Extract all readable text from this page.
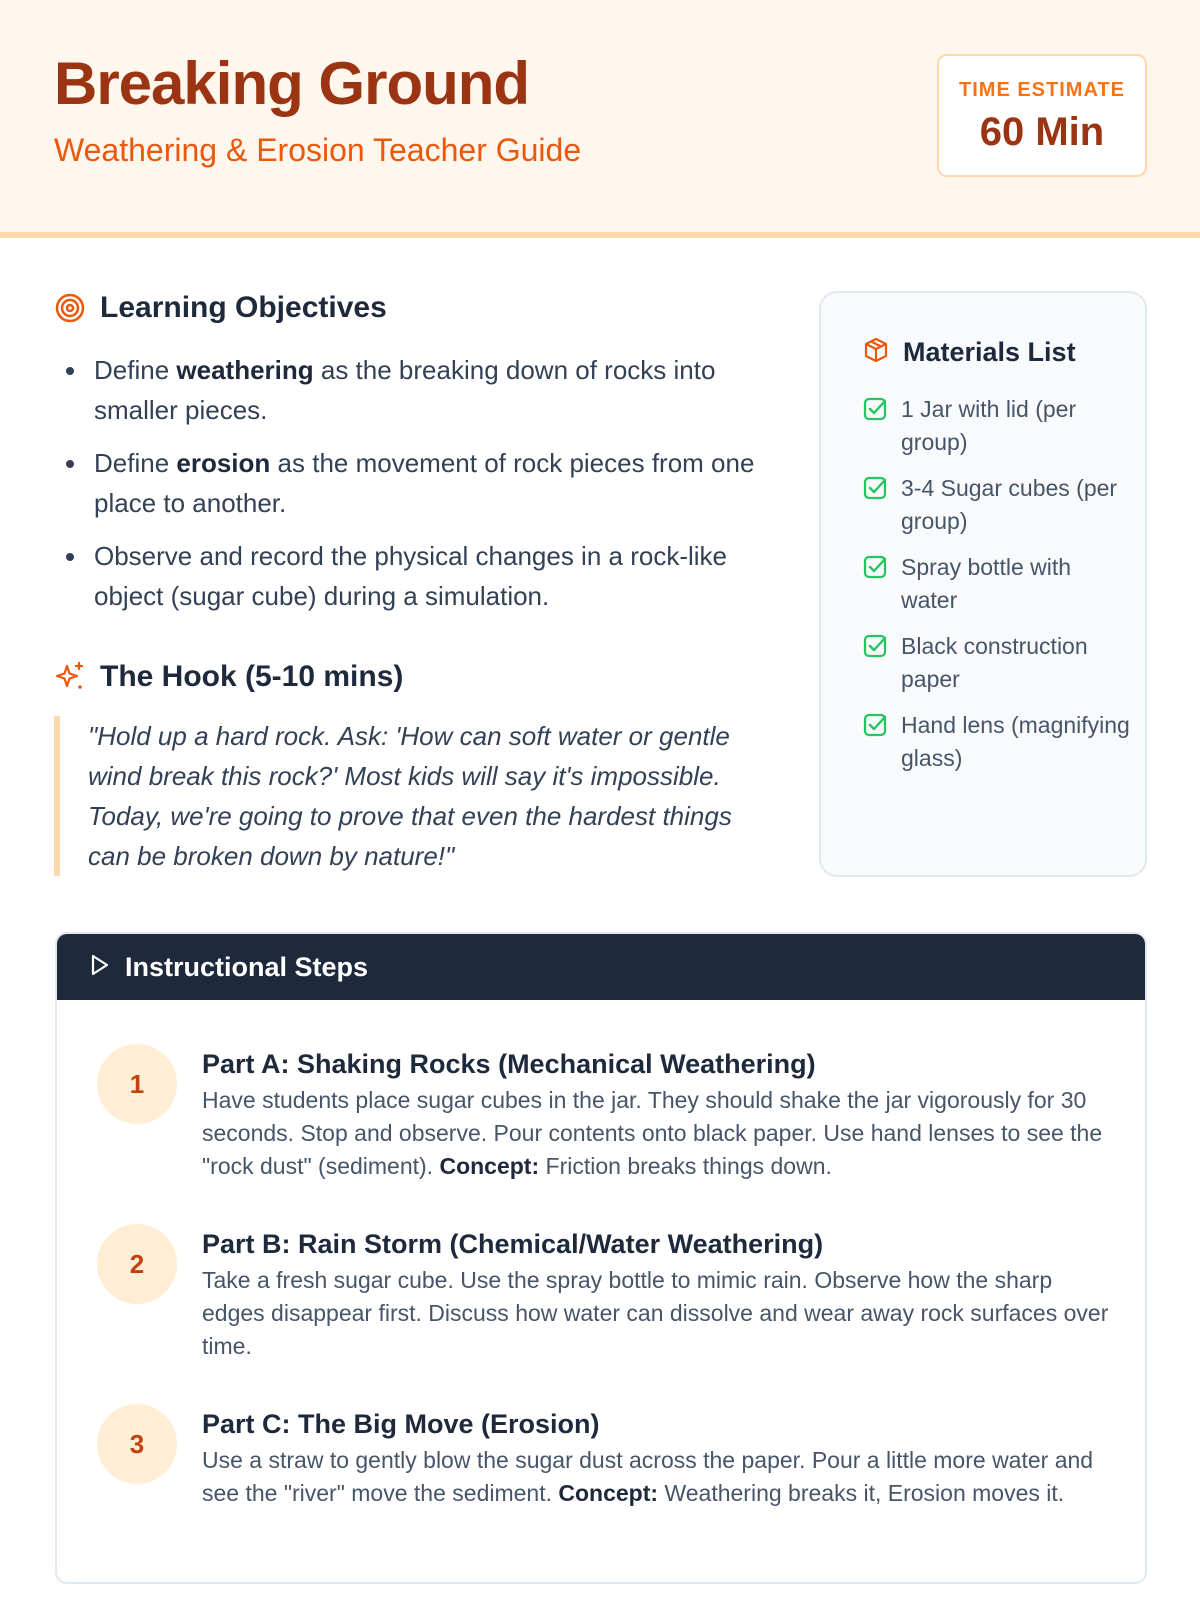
Breaking Ground
Weathering & Erosion Teacher Guide
TIME ESTIMATE
60 Min
Learning Objectives
Define weathering as the breaking down of rocks into smaller pieces.
Define erosion as the movement of rock pieces from one place to another.
Observe and record the physical changes in a rock-like object (sugar cube) during a simulation.
The Hook (5-10 mins)
"Hold up a hard rock. Ask: 'How can soft water or gentle wind break this rock?' Most kids will say it's impossible. Today, we're going to prove that even the hardest things can be broken down by nature!"
Materials List
1 Jar with lid (per group)
3-4 Sugar cubes (per group)
Spray bottle with water
Black construction paper
Hand lens (magnifying glass)
Instructional Steps
1
Part A: Shaking Rocks (Mechanical Weathering)
Have students place sugar cubes in the jar. They should shake the jar vigorously for 30 seconds. Stop and observe. Pour contents onto black paper. Use hand lenses to see the "rock dust" (sediment). Concept: Friction breaks things down.
2
Part B: Rain Storm (Chemical/Water Weathering)
Take a fresh sugar cube. Use the spray bottle to mimic rain. Observe how the sharp edges disappear first. Discuss how water can dissolve and wear away rock surfaces over time.
3
Part C: The Big Move (Erosion)
Use a straw to gently blow the sugar dust across the paper. Pour a little more water and see the "river" move the sediment. Concept: Weathering breaks it, Erosion moves it.
